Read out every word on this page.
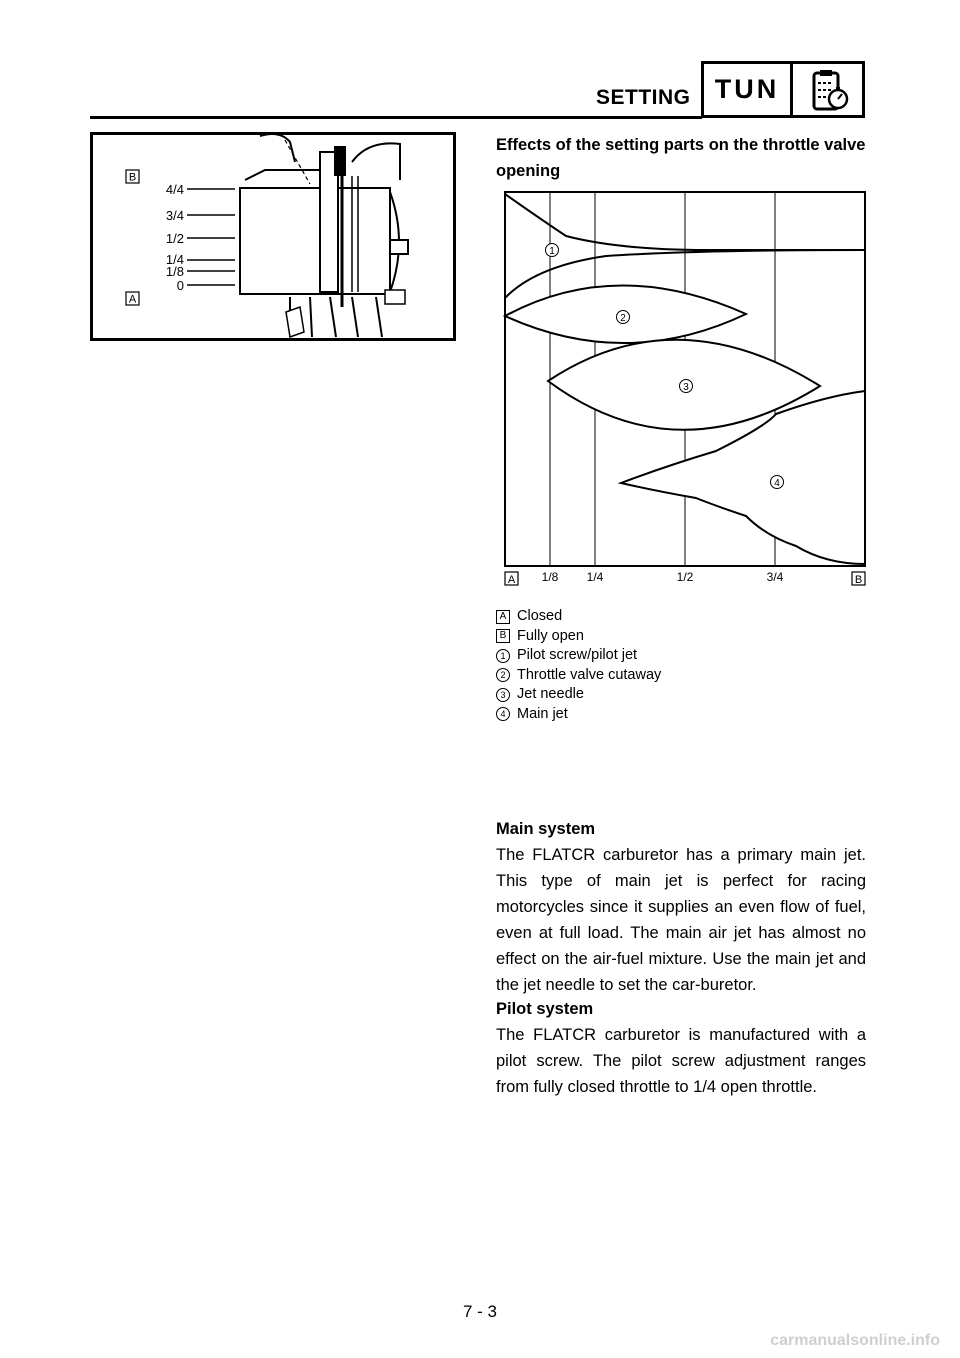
SETTING TUN
4/4
3/4
1/2
1/4
1/8
0
B
A
Effects of the setting parts on the throttle valve opening
1
2
3
4
1/8 1/4	1/2	3/4
A	B
A Closed
B Fully open
1 Pilot screw/pilot jet
2 Throttle valve cutaway
3 Jet needle
4 Main jet
Main system
The FLATCR carburetor has a primary main jet. This type of main jet is perfect for racing motorcycles since it supplies an even flow of fuel, even at full load. The main air jet has almost no effect on the air-fuel mixture. Use the main jet and the jet needle to set the car-buretor.
Pilot system
The FLATCR carburetor is manufactured with a pilot screw. The pilot screw adjustment ranges from fully closed throttle to 1/4 open throttle.
7 - 3
carmanualsonline.info
